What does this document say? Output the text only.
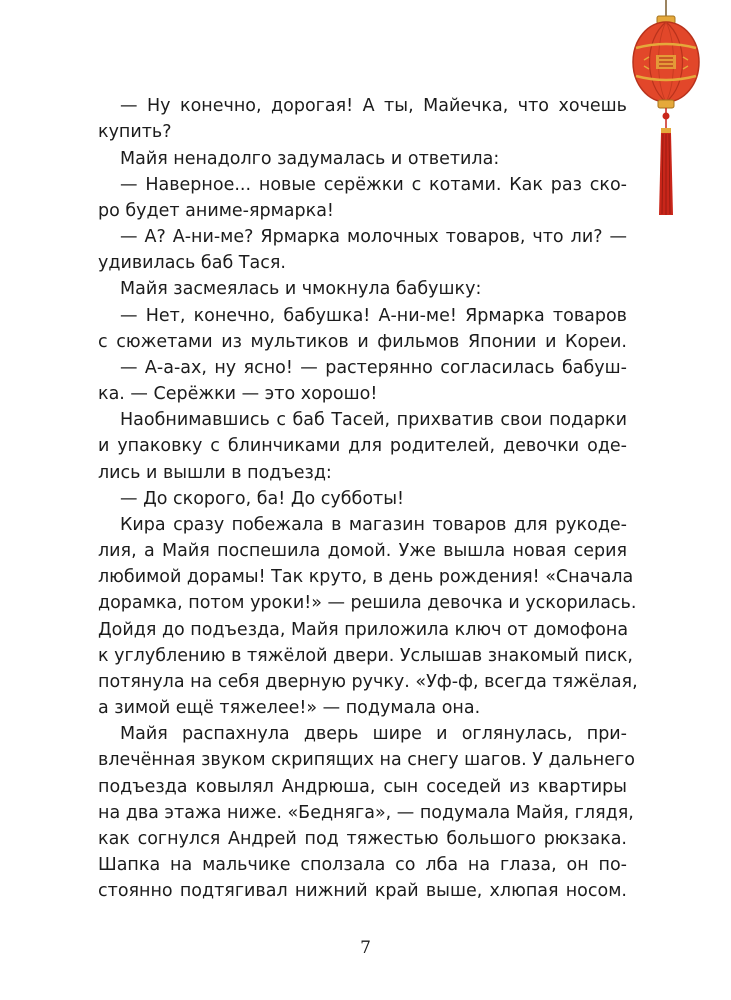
— Ну конечно, дорогая! А ты, Майечка, что хочешь
купить?
Майя ненадолго задумалась и ответила:
— Наверное... новые серёжки с котами. Как раз ско-
ро будет аниме-ярмарка!
— А? А-ни-ме? Ярмарка молочных товаров, что ли? —
удивилась баб Тася.
Майя засмеялась и чмокнула бабушку:
— Нет, конечно, бабушка! А-ни-ме! Ярмарка товаров
с сюжетами из мультиков и фильмов Японии и Кореи.
— А-а-ах, ну ясно! — растерянно согласилась бабуш-
ка. — Серёжки — это хорошо!
Наобнимавшись с баб Тасей, прихватив свои подарки
и упаковку с блинчиками для родителей, девочки оде-
лись и вышли в подъезд:
— До скорого, ба! До субботы!
Кира сразу побежала в магазин товаров для рукоде-
лия, а Майя поспешила домой. Уже вышла новая серия
любимой дорамы! Так круто, в день рождения! «Сначала
дорамка, потом уроки!» — решила девочка и ускорилась.
Дойдя до подъезда, Майя приложила ключ от домофона
к углублению в тяжёлой двери. Услышав знакомый писк,
потянула на себя дверную ручку. «Уф-ф, всегда тяжёлая,
а зимой ещё тяжелее!» — подумала она.
Майя распахнула дверь шире и оглянулась, при-
влечённая звуком скрипящих на снегу шагов. У дальнего
подъезда ковылял Андрюша, сын соседей из квартиры
на два этажа ниже. «Бедняга», — подумала Майя, глядя,
как согнулся Андрей под тяжестью большого рюкзака.
Шапка на мальчике сползала со лба на глаза, он по-
стоянно подтягивал нижний край выше, хлюпая носом.
7
